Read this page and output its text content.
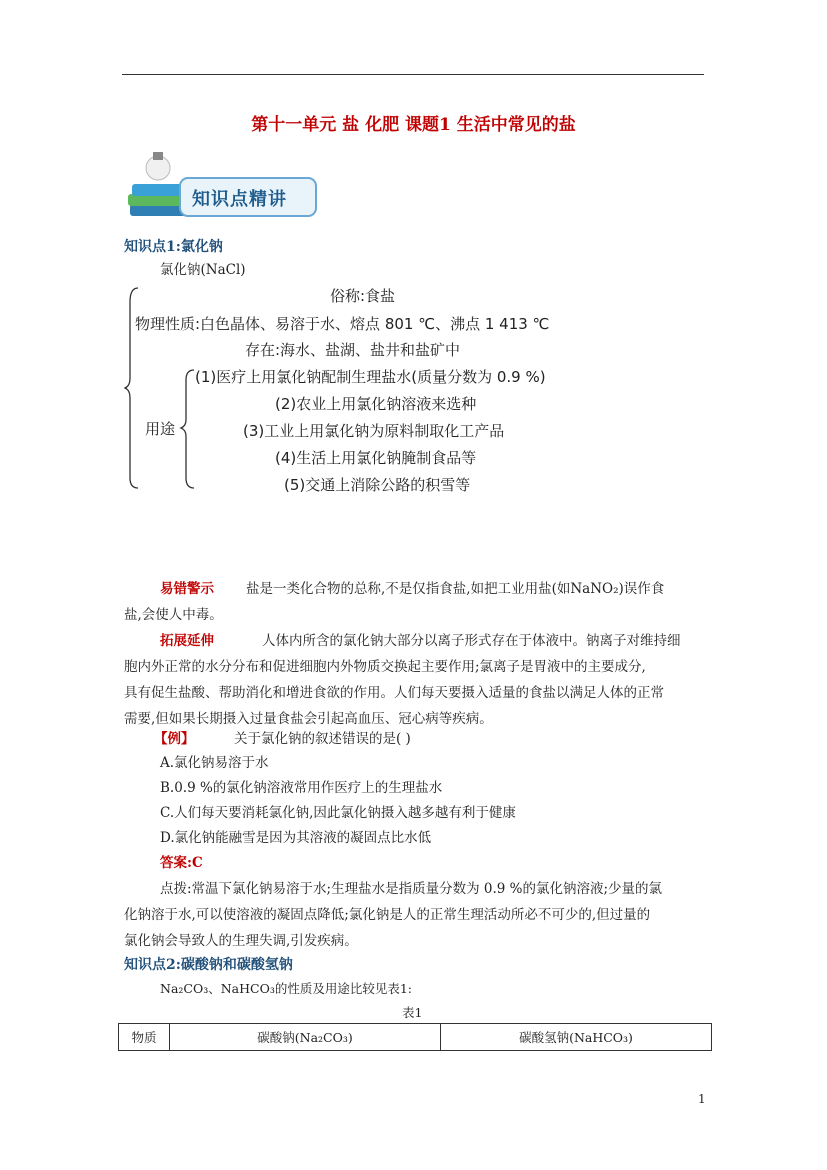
第十一单元 盐 化肥 课题1 生活中常见的盐
知识点精讲
知识点1:氯化钠
氯化钠(NaCl)
俗称:食盐
物理性质:白色晶体、易溶于水、熔点 801 ℃、沸点 1 413 ℃
存在:海水、盐湖、盐井和盐矿中
用途
(1)医疗上用氯化钠配制生理盐水(质量分数为 0.9 %)
(2)农业上用氯化钠溶液来选种
(3)工业上用氯化钠为原料制取化工产品
(4)生活上用氯化钠腌制食品等
(5)交通上消除公路的积雪等
易错警示 盐是一类化合物的总称,不是仅指食盐,如把工业用盐(如NaNO₂)误作食
盐,会使人中毒。
拓展延伸	人体内所含的氯化钠大部分以离子形式存在于体液中。钠离子对维持细
胞内外正常的水分分布和促进细胞内外物质交换起主要作用;氯离子是胃液中的主要成分,
具有促生盐酸、帮助消化和增进食欲的作用。人们每天要摄入适量的食盐以满足人体的正常
需要,但如果长期摄入过量食盐会引起高血压、冠心病等疾病。
【例】	关于氯化钠的叙述错误的是( )
A.氯化钠易溶于水
B.0.9 %的氯化钠溶液常用作医疗上的生理盐水
C.人们每天要消耗氯化钠,因此氯化钠摄入越多越有利于健康
D.氯化钠能融雪是因为其溶液的凝固点比水低
答案:C
点拨:常温下氯化钠易溶于水;生理盐水是指质量分数为 0.9 %的氯化钠溶液;少量的氯
化钠溶于水,可以使溶液的凝固点降低;氯化钠是人的正常生理活动所必不可少的,但过量的
氯化钠会导致人的生理失调,引发疾病。
知识点2:碳酸钠和碳酸氢钠
Na₂CO₃、NaHCO₃的性质及用途比较见表1:
表1
物质	碳酸钠(Na₂CO₃)	碳酸氢钠(NaHCO₃)
1
